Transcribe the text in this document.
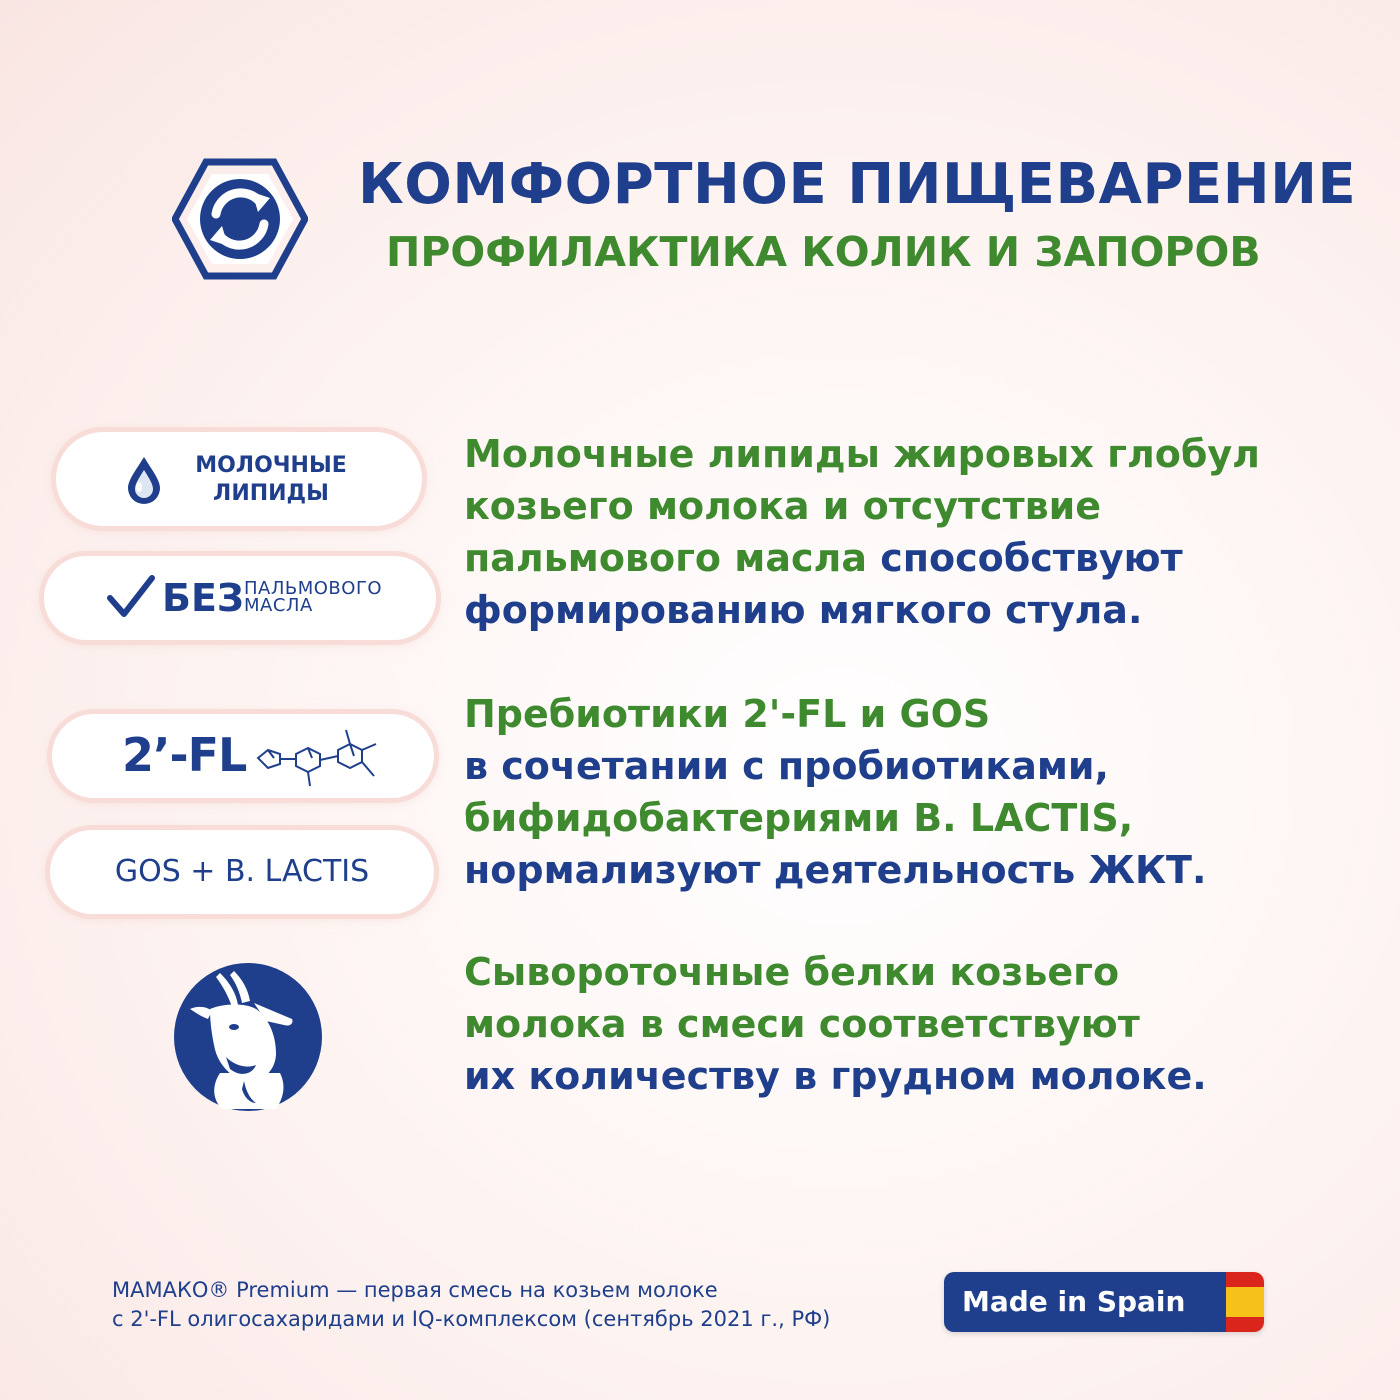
КОМФОРТНОЕ ПИЩЕВАРЕНИЕ
ПРОФИЛАКТИКА КОЛИК И ЗАПОРОВ
МОЛОЧНЫЕ
ЛИПИДЫ
БЕЗ ПАЛЬМОВОГО
МАСЛА
2’-FL
GOS + B. LACTIS
Молочные липиды жировых глобул
козьего молока и отсутствие
пальмового масла способствуют
формированию мягкого стула.
Пребиотики 2'-FL и GOS
в сочетании с пробиотиками,
бифидобактериями B. LACTIS,
нормализуют деятельность ЖКТ.
Сывороточные белки козьего
молока в смеси соответствуют
их количеству в грудном молоке.
МАМАКО® Premium — первая смесь на козьем молоке
с 2'-FL олигосахаридами и IQ-комплексом (сентябрь 2021 г., РФ)
Made in Spain
